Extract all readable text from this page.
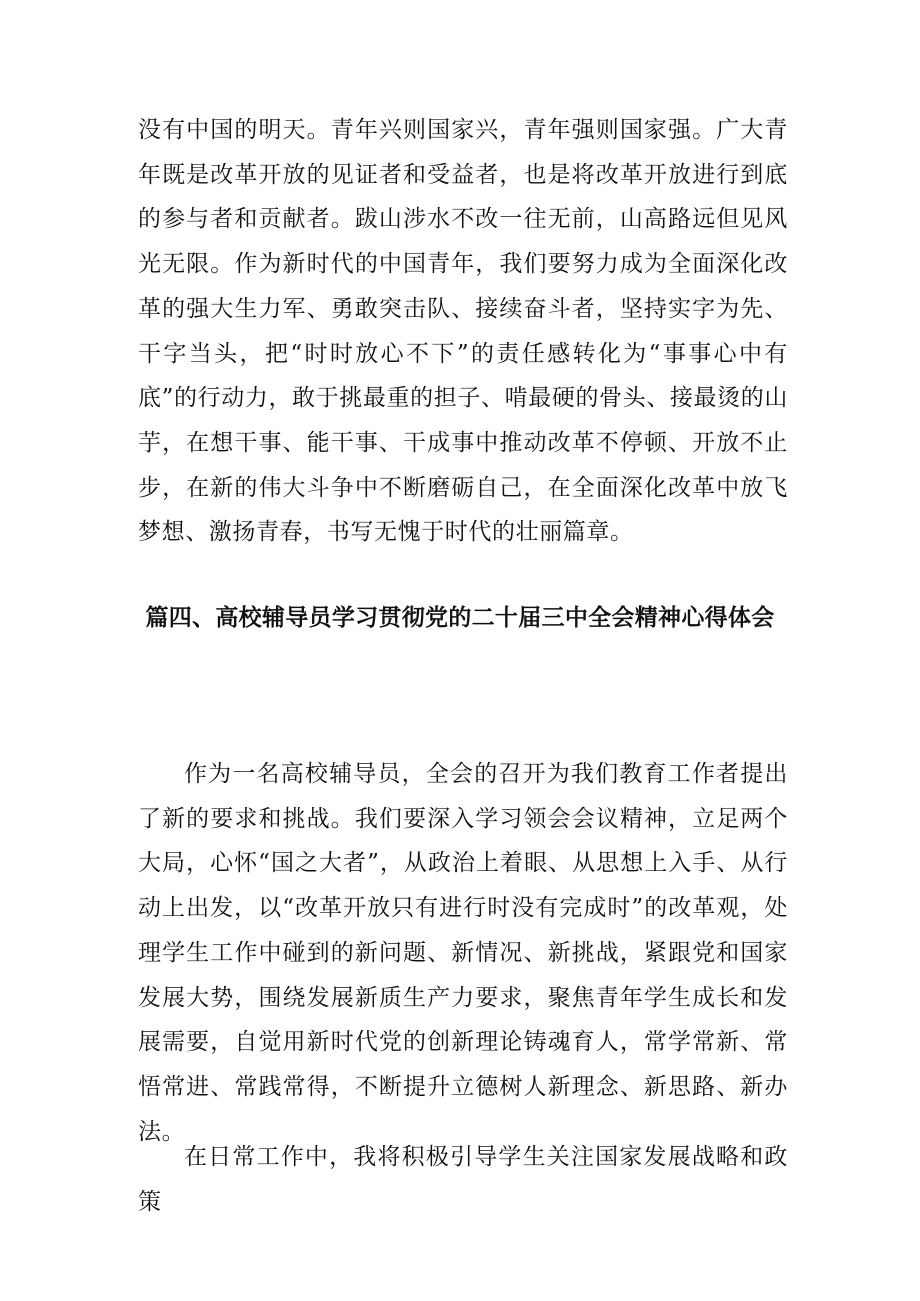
没有中国的明天。青年兴则国家兴，青年强则国家强。广大青年既是改革开放的见证者和受益者，也是将改革开放进行到底的参与者和贡献者。跋山涉水不改一往无前，山高路远但见风光无限。作为新时代的中国青年，我们要努力成为全面深化改革的强大生力军、勇敢突击队、接续奋斗者，坚持实字为先、干字当头，把“时时放心不下”的责任感转化为“事事心中有底”的行动力，敢于挑最重的担子、啃最硬的骨头、接最烫的山芋，在想干事、能干事、干成事中推动改革不停顿、开放不止步，在新的伟大斗争中不断磨砺自己，在全面深化改革中放飞梦想、激扬青春，书写无愧于时代的壮丽篇章。

篇四、高校辅导员学习贯彻党的二十届三中全会精神心得体会

作为一名高校辅导员，全会的召开为我们教育工作者提出了新的要求和挑战。我们要深入学习领会会议精神，立足两个大局，心怀“国之大者”，从政治上着眼、从思想上入手、从行动上出发，以“改革开放只有进行时没有完成时”的改革观，处理学生工作中碰到的新问题、新情况、新挑战，紧跟党和国家发展大势，围绕发展新质生产力要求，聚焦青年学生成长和发展需要，自觉用新时代党的创新理论铸魂育人，常学常新、常悟常进、常践常得，不断提升立德树人新理念、新思路、新办法。

在日常工作中，我将积极引导学生关注国家发展战略和政策
